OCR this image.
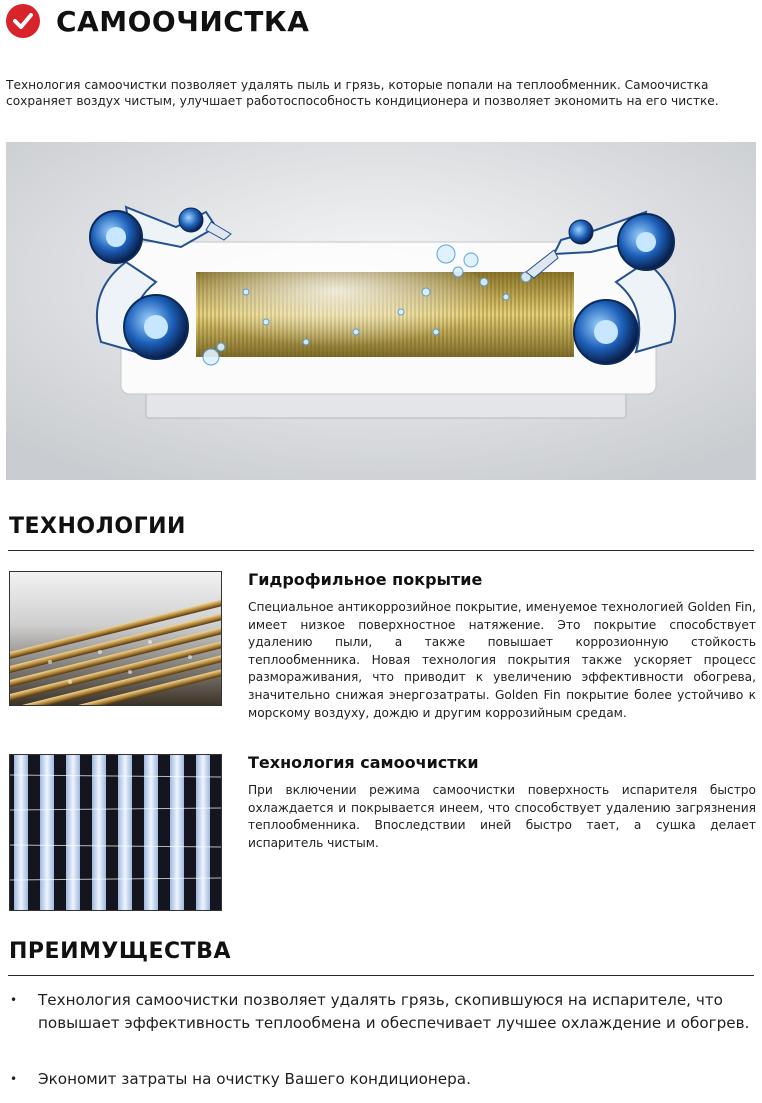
САМООЧИСТКА
Технология самоочистки позволяет удалять пыль и грязь, которые попали на теплообменник. Самоочистка сохраняет воздух чистым, улучшает работоспособность кондиционера и позволяет экономить на его чистке.
ТЕХНОЛОГИИ
Гидрофильное покрытие
Специальное антикоррозийное покрытие, именуемое технологией Golden Fin, имеет низкое поверхностное натяжение. Это покрытие способствует удалению пыли, а также повышает коррозионную стойкость теплообменника. Новая технология покрытия также ускоряет процесс размораживания, что приводит к увеличению эффективности обогрева, значительно снижая энергозатраты. Golden Fin покрытие более устойчиво к морскому воздуху, дождю и другим коррозийным средам.
Технология самоочистки
При включении режима самоочистки поверхность испарителя быстро охлаждается и покрывается инеем, что способствует удалению загрязнения теплообменника. Впоследствии иней быстро тает, а сушка делает испаритель чистым.
ПРЕИМУЩЕСТВА
•	Технология самоочистки позволяет удалять грязь, скопившуюся на испарителе, что повышает эффективность теплообмена и обеспечивает лучшее охлаждение и обогрев.
•	Экономит затраты на очистку Вашего кондиционера.
